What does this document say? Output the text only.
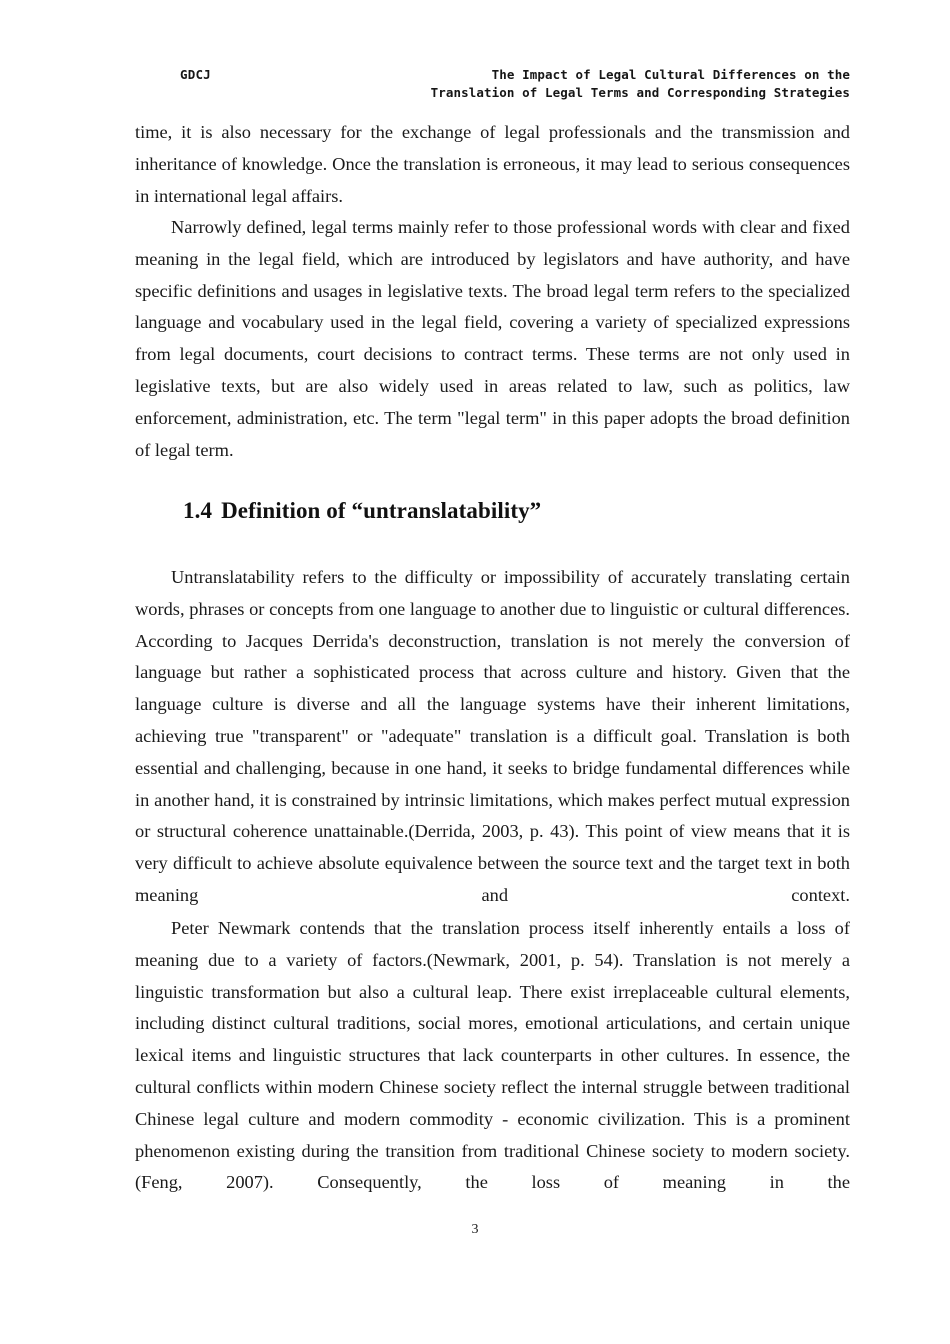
GDCJ	The Impact of Legal Cultural Differences on the
Translation of Legal Terms and Corresponding Strategies

time, it is also necessary for the exchange of legal professionals and the transmission and inheritance of knowledge. Once the translation is erroneous, it may lead to serious consequences in international legal affairs.

Narrowly defined, legal terms mainly refer to those professional words with clear and fixed meaning in the legal field, which are introduced by legislators and have authority, and have specific definitions and usages in legislative texts. The broad legal term refers to the specialized language and vocabulary used in the legal field, covering a variety of specialized expressions from legal documents, court decisions to contract terms. These terms are not only used in legislative texts, but are also widely used in areas related to law, such as politics, law enforcement, administration, etc. The term "legal term" in this paper adopts the broad definition of legal term.

1.4 Definition of “untranslatability”

Untranslatability refers to the difficulty or impossibility of accurately translating certain words, phrases or concepts from one language to another due to linguistic or cultural differences. According to Jacques Derrida's deconstruction, translation is not merely the conversion of language but rather a sophisticated process that across culture and history. Given that the language culture is diverse and all the language systems have their inherent limitations, achieving true "transparent" or "adequate" translation is a difficult goal. Translation is both essential and challenging, because in one hand, it seeks to bridge fundamental differences while in another hand, it is constrained by intrinsic limitations, which makes perfect mutual expression or structural coherence unattainable.(Derrida, 2003, p. 43). This point of view means that it is very difficult to achieve absolute equivalence between the source text and the target text in both meaning and context.

Peter Newmark contends that the translation process itself inherently entails a loss of meaning due to a variety of factors.(Newmark, 2001, p. 54). Translation is not merely a linguistic transformation but also a cultural leap. There exist irreplaceable cultural elements, including distinct cultural traditions, social mores, emotional articulations, and certain unique lexical items and linguistic structures that lack counterparts in other cultures. In essence, the cultural conflicts within modern Chinese society reflect the internal struggle between traditional Chinese legal culture and modern commodity - economic civilization. This is a prominent phenomenon existing during the transition from traditional Chinese society to modern society.(Feng, 2007). Consequently, the loss of meaning in the

3
